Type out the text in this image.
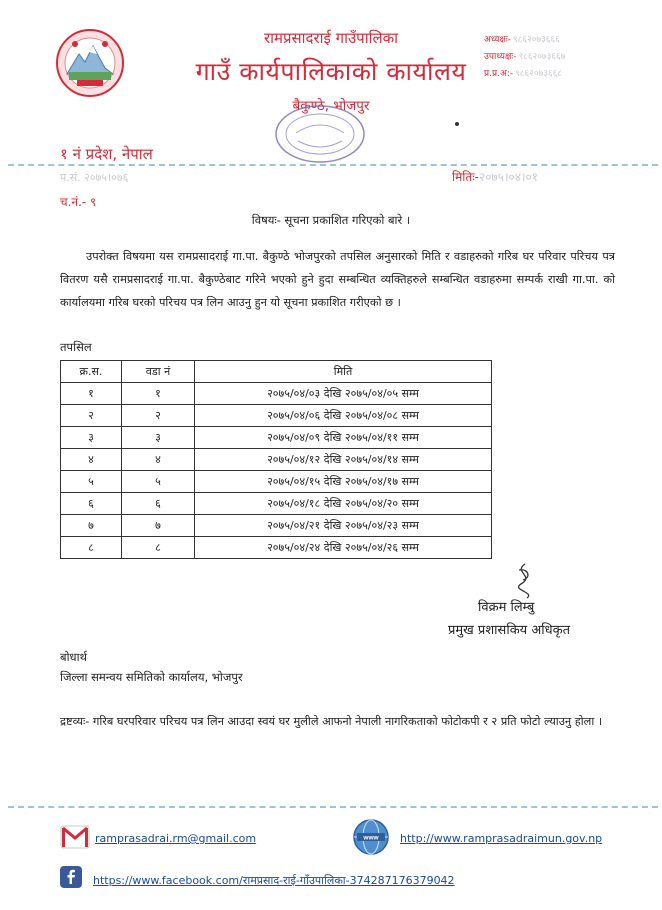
रामप्रसादराई गाउँपालिका
गाउँ कार्यपालिकाको कार्यालय
बैकुण्ठे, भोजपुर
अध्यक्षः- ९८६२०७३६६६
उपाध्यक्षः- ९८६२०७३६६७
प्र.प्र.अ:- ९८६२०७३६६८
१ नं प्रदेश, नेपाल
प.सं. २०७५।०७६	मितिः-२०७५।०४।०१
च.नं.- ९
विषयः- सूचना प्रकाशित गरिएको बारे ।
उपरोक्त विषयमा यस रामप्रसादराई गा.पा. बैकुण्ठे भोजपुरको तपसिल अनुसारको मिति र वडाहरुको गरिब घर परिवार परिचय पत्र वितरण यसै रामप्रसादराई गा.पा. बैकुण्ठेबाट गरिने भएको हुने हुदा सम्बन्धित व्यक्तिहरुले सम्बन्धित वडाहरुमा सम्पर्क राखी गा.पा. को कार्यालयमा गरिब घरको परिचय पत्र लिन आउनु हुन यो सूचना प्रकाशित गरीएको छ ।
तपसिल
क्र.स.	वडा नं	मिति
१	१	२०७५/०४/०३ देखि २०७५/०४/०५ सम्म
२	२	२०७५/०४/०६ देखि २०७५/०४/०८ सम्म
३	३	२०७५/०४/०९ देखि २०७५/०४/११ सम्म
४	४	२०७५/०४/१२ देखि २०७५/०४/१४ सम्म
५	५	२०७५/०४/१५ देखि २०७५/०४/१७ सम्म
६	६	२०७५/०४/१८ देखि २०७५/०४/२० सम्म
७	७	२०७५/०४/२१ देखि २०७५/०४/२३ सम्म
८	८	२०७५/०४/२४ देखि २०७५/०४/२६ सम्म
विक्रम लिम्बु
प्रमुख प्रशासकिय अधिकृत
बोधार्थ
जिल्ला समन्वय समितिको कार्यालय, भोजपुर
द्रष्टव्यः- गरिब घरपरिवार परिचय पत्र लिन आउदा स्वयं घर मुलीले आफनो नेपाली नागरिकताको फोटोकपी र २ प्रति फोटो ल्याउनु होला ।
ramprasadrai.rm@gmail.com	www http://www.ramprasadraimun.gov.np
https://www.facebook.com/रामप्रसाद-राई-गाँउपालिका-374287176379042
